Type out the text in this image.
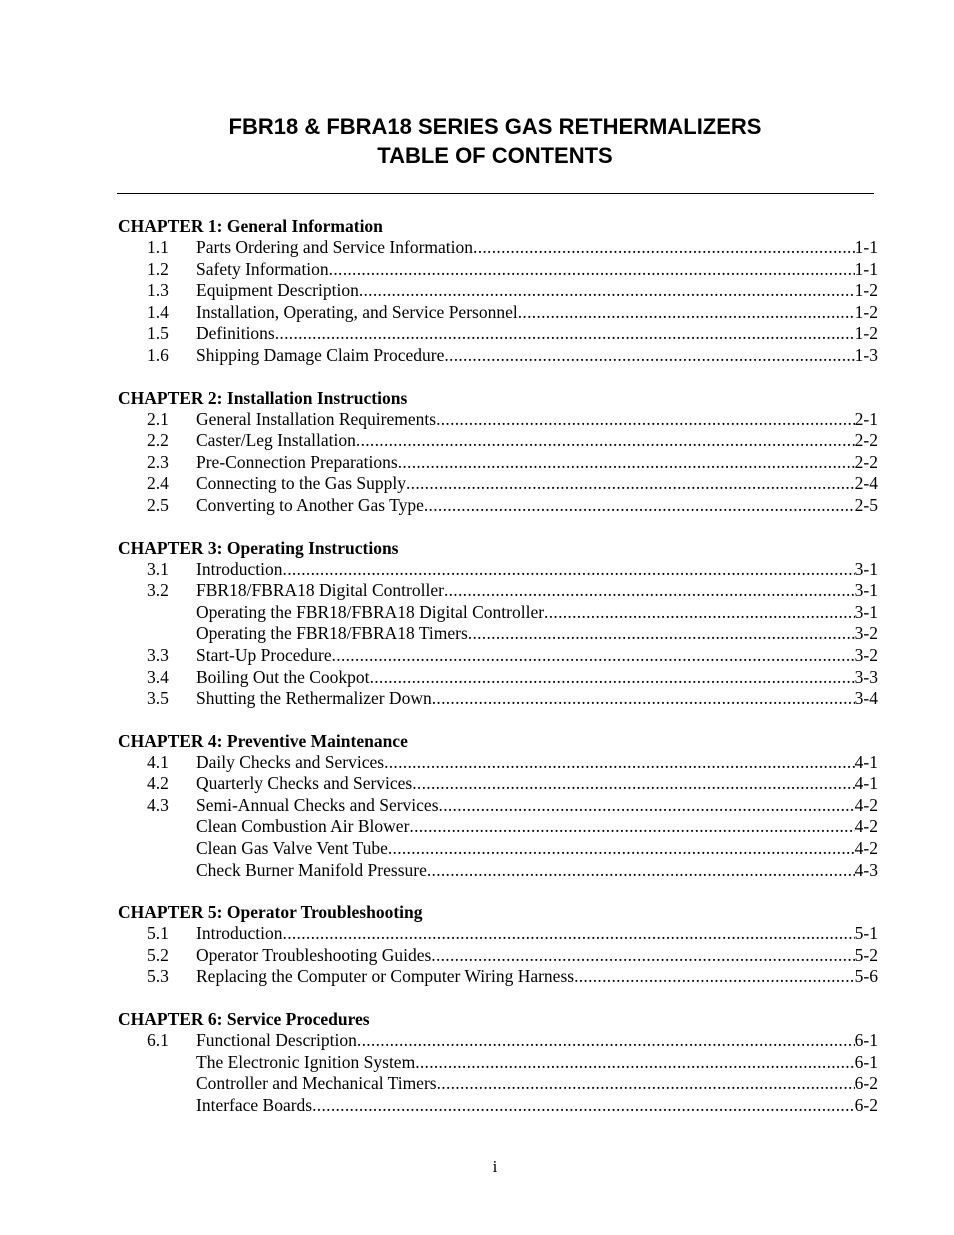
FBR18 & FBRA18 SERIES GAS RETHERMALIZERS
TABLE OF CONTENTS
CHAPTER 1: General Information
1.1	Parts Ordering and Service Information .....	1-1
1.2	Safety Information .....	1-1
1.3	Equipment Description .....	1-2
1.4	Installation, Operating, and Service Personnel .....	1-2
1.5	Definitions .....	1-2
1.6	Shipping Damage Claim Procedure .....	1-3
CHAPTER 2: Installation Instructions
2.1	General Installation Requirements .....	2-1
2.2	Caster/Leg Installation .....	2-2
2.3	Pre-Connection Preparations .....	2-2
2.4	Connecting to the Gas Supply .....	2-4
2.5	Converting to Another Gas Type .....	2-5
CHAPTER 3: Operating Instructions
3.1	Introduction .....	3-1
3.2	FBR18/FBRA18 Digital Controller .....	3-1
Operating the FBR18/FBRA18 Digital Controller .....	3-1
Operating the FBR18/FBRA18 Timers .....	3-2
3.3	Start-Up Procedure .....	3-2
3.4	Boiling Out the Cookpot .....	3-3
3.5	Shutting the Rethermalizer Down .....	3-4
CHAPTER 4: Preventive Maintenance
4.1	Daily Checks and Services .....	4-1
4.2	Quarterly Checks and Services .....	4-1
4.3	Semi-Annual Checks and Services .....	4-2
Clean Combustion Air Blower .....	4-2
Clean Gas Valve Vent Tube .....	4-2
Check Burner Manifold Pressure .....	4-3
CHAPTER 5: Operator Troubleshooting
5.1	Introduction .....	5-1
5.2	Operator Troubleshooting Guides .....	5-2
5.3	Replacing the Computer or Computer Wiring Harness .....	5-6
CHAPTER 6: Service Procedures
6.1	Functional Description .....	6-1
The Electronic Ignition System .....	6-1
Controller and Mechanical Timers .....	6-2
Interface Boards .....	6-2
i
